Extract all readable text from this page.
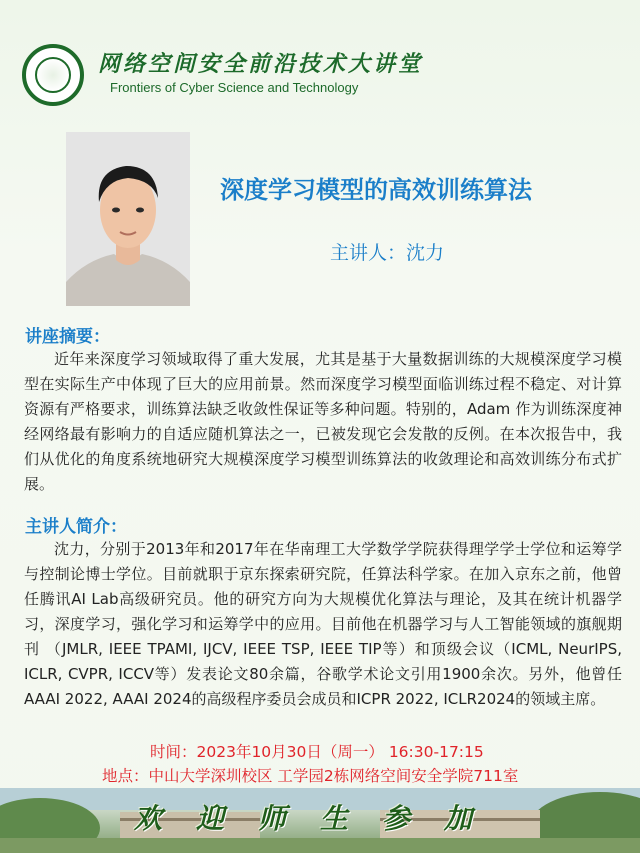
网络空间安全前沿技术大讲堂
Frontiers of Cyber Science and Technology
深度学习模型的高效训练算法
主讲人：沈力
讲座摘要：
近年来深度学习领域取得了重大发展，尤其是基于大量数据训练的大规模深度学习模型在实际生产中体现了巨大的应用前景。然而深度学习模型面临训练过程不稳定、对计算资源有严格要求，训练算法缺乏收敛性保证等多种问题。特别的，Adam 作为训练深度神经网络最有影响力的自适应随机算法之一，已被发现它会发散的反例。在本次报告中，我们从优化的角度系统地研究大规模深度学习模型训练算法的收敛理论和高效训练分布式扩展。
主讲人简介：
沈力，分别于2013年和2017年在华南理工大学数学学院获得理学学士学位和运筹学与控制论博士学位。目前就职于京东探索研究院，任算法科学家。在加入京东之前，他曾任腾讯AI Lab高级研究员。他的研究方向为大规模优化算法与理论，及其在统计机器学习，深度学习，强化学习和运筹学中的应用。目前他在机器学习与人工智能领域的旗舰期刊 （JMLR, IEEE TPAMI, IJCV, IEEE TSP, IEEE TIP等）和顶级会议（ICML, NeurIPS, ICLR, CVPR, ICCV等）发表论文80余篇，谷歌学术论文引用1900余次。另外，他曾任AAAI 2022, AAAI 2024的高级程序委员会成员和ICPR 2022, ICLR2024的领域主席。
时间：2023年10月30日（周一） 16:30-17:15
地点：中山大学深圳校区 工学园2栋网络空间安全学院711室
欢迎师生参加
